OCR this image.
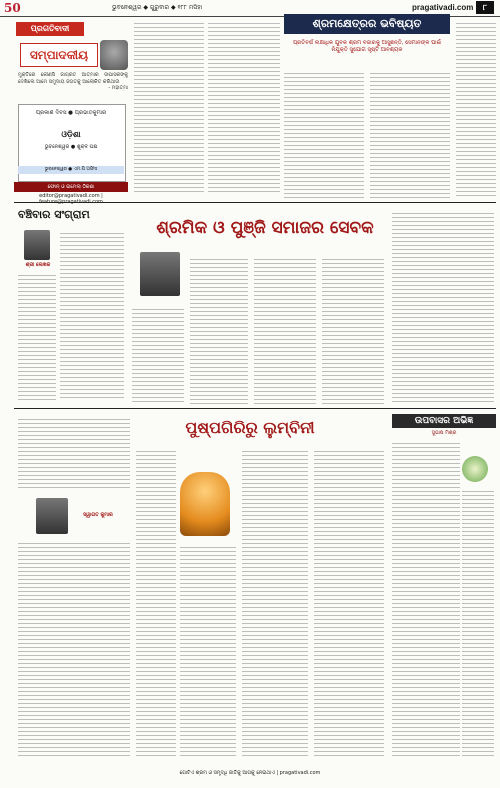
50	ଭୁବନେଶ୍ୱର ◆ ଗୁରୁବାର ◆ ୧୮୮ ମସିହା	pragativadi.com	୮
ପ୍ରଗତିବାଦୀ
ସମ୍ପାଦକୀୟ
ମୁକ୍ତିରେ କୌଣସି ଜାଗ୍ରତ ଆତ୍ମାର ଉପାସକଙ୍କୁ ଦେଖିଲେ ଆମେ ସମୁଦାୟ ଜଗତକୁ ଆଲୋକିତ କରିଥାଉ
- ମହାତ୍ମା
ପ୍ରକାଶ ଦିବସ ● ପ୍ରଭାତକୁମାର
ଓଡ଼ିଶା
ଭୁବନେଶ୍ୱର ● ଶୁକ୍ଳ ପକ୍ଷ
ଭୁବନେଶ୍ୱର ● ଏମ.ପି ଅଫିସ
ଫୋନ୍ ଓ ଇମେଲ୍ ଠିକଣା
editor@pragativadi.com |
ଶ୍ରମକ୍ଷେତ୍ରର ଭବିଷ୍ୟତ
ପ୍ରତିବର୍ଷ ଲକ୍ଷାଧିକ ଯୁବକ ଶ୍ରମ ବଜାରକୁ ଆସୁଛନ୍ତି, ସେମାନଙ୍କ ପାଇଁ ନିଯୁକ୍ତି ସୁଯୋଗ ସୃଷ୍ଟି ଆବଶ୍ୟକ
ବଞ୍ଚିବାର ସଂଗ୍ରାମ
ଶ୍ରୀ ଲେଖକ
ଶ୍ରମିକ ଓ ପୁଞ୍ଜି ସମାଜର ସେବକ
ସ୍ୱାଗତ କୁମାର
ପୁଷ୍ପଗିରିରୁ ଲୁମ୍ବିନୀ	ଉପବାସର ଅଭିଜ୍ଞ
ସୁଭାଷ ମିଶ୍ର
ଗୋଟିଏ ଶ୍ରମ ଓ ସମୃଦ୍ଧି ଜାତିକୁ ଆଗକୁ ନେଇଥାଏ | pragativadi.com
